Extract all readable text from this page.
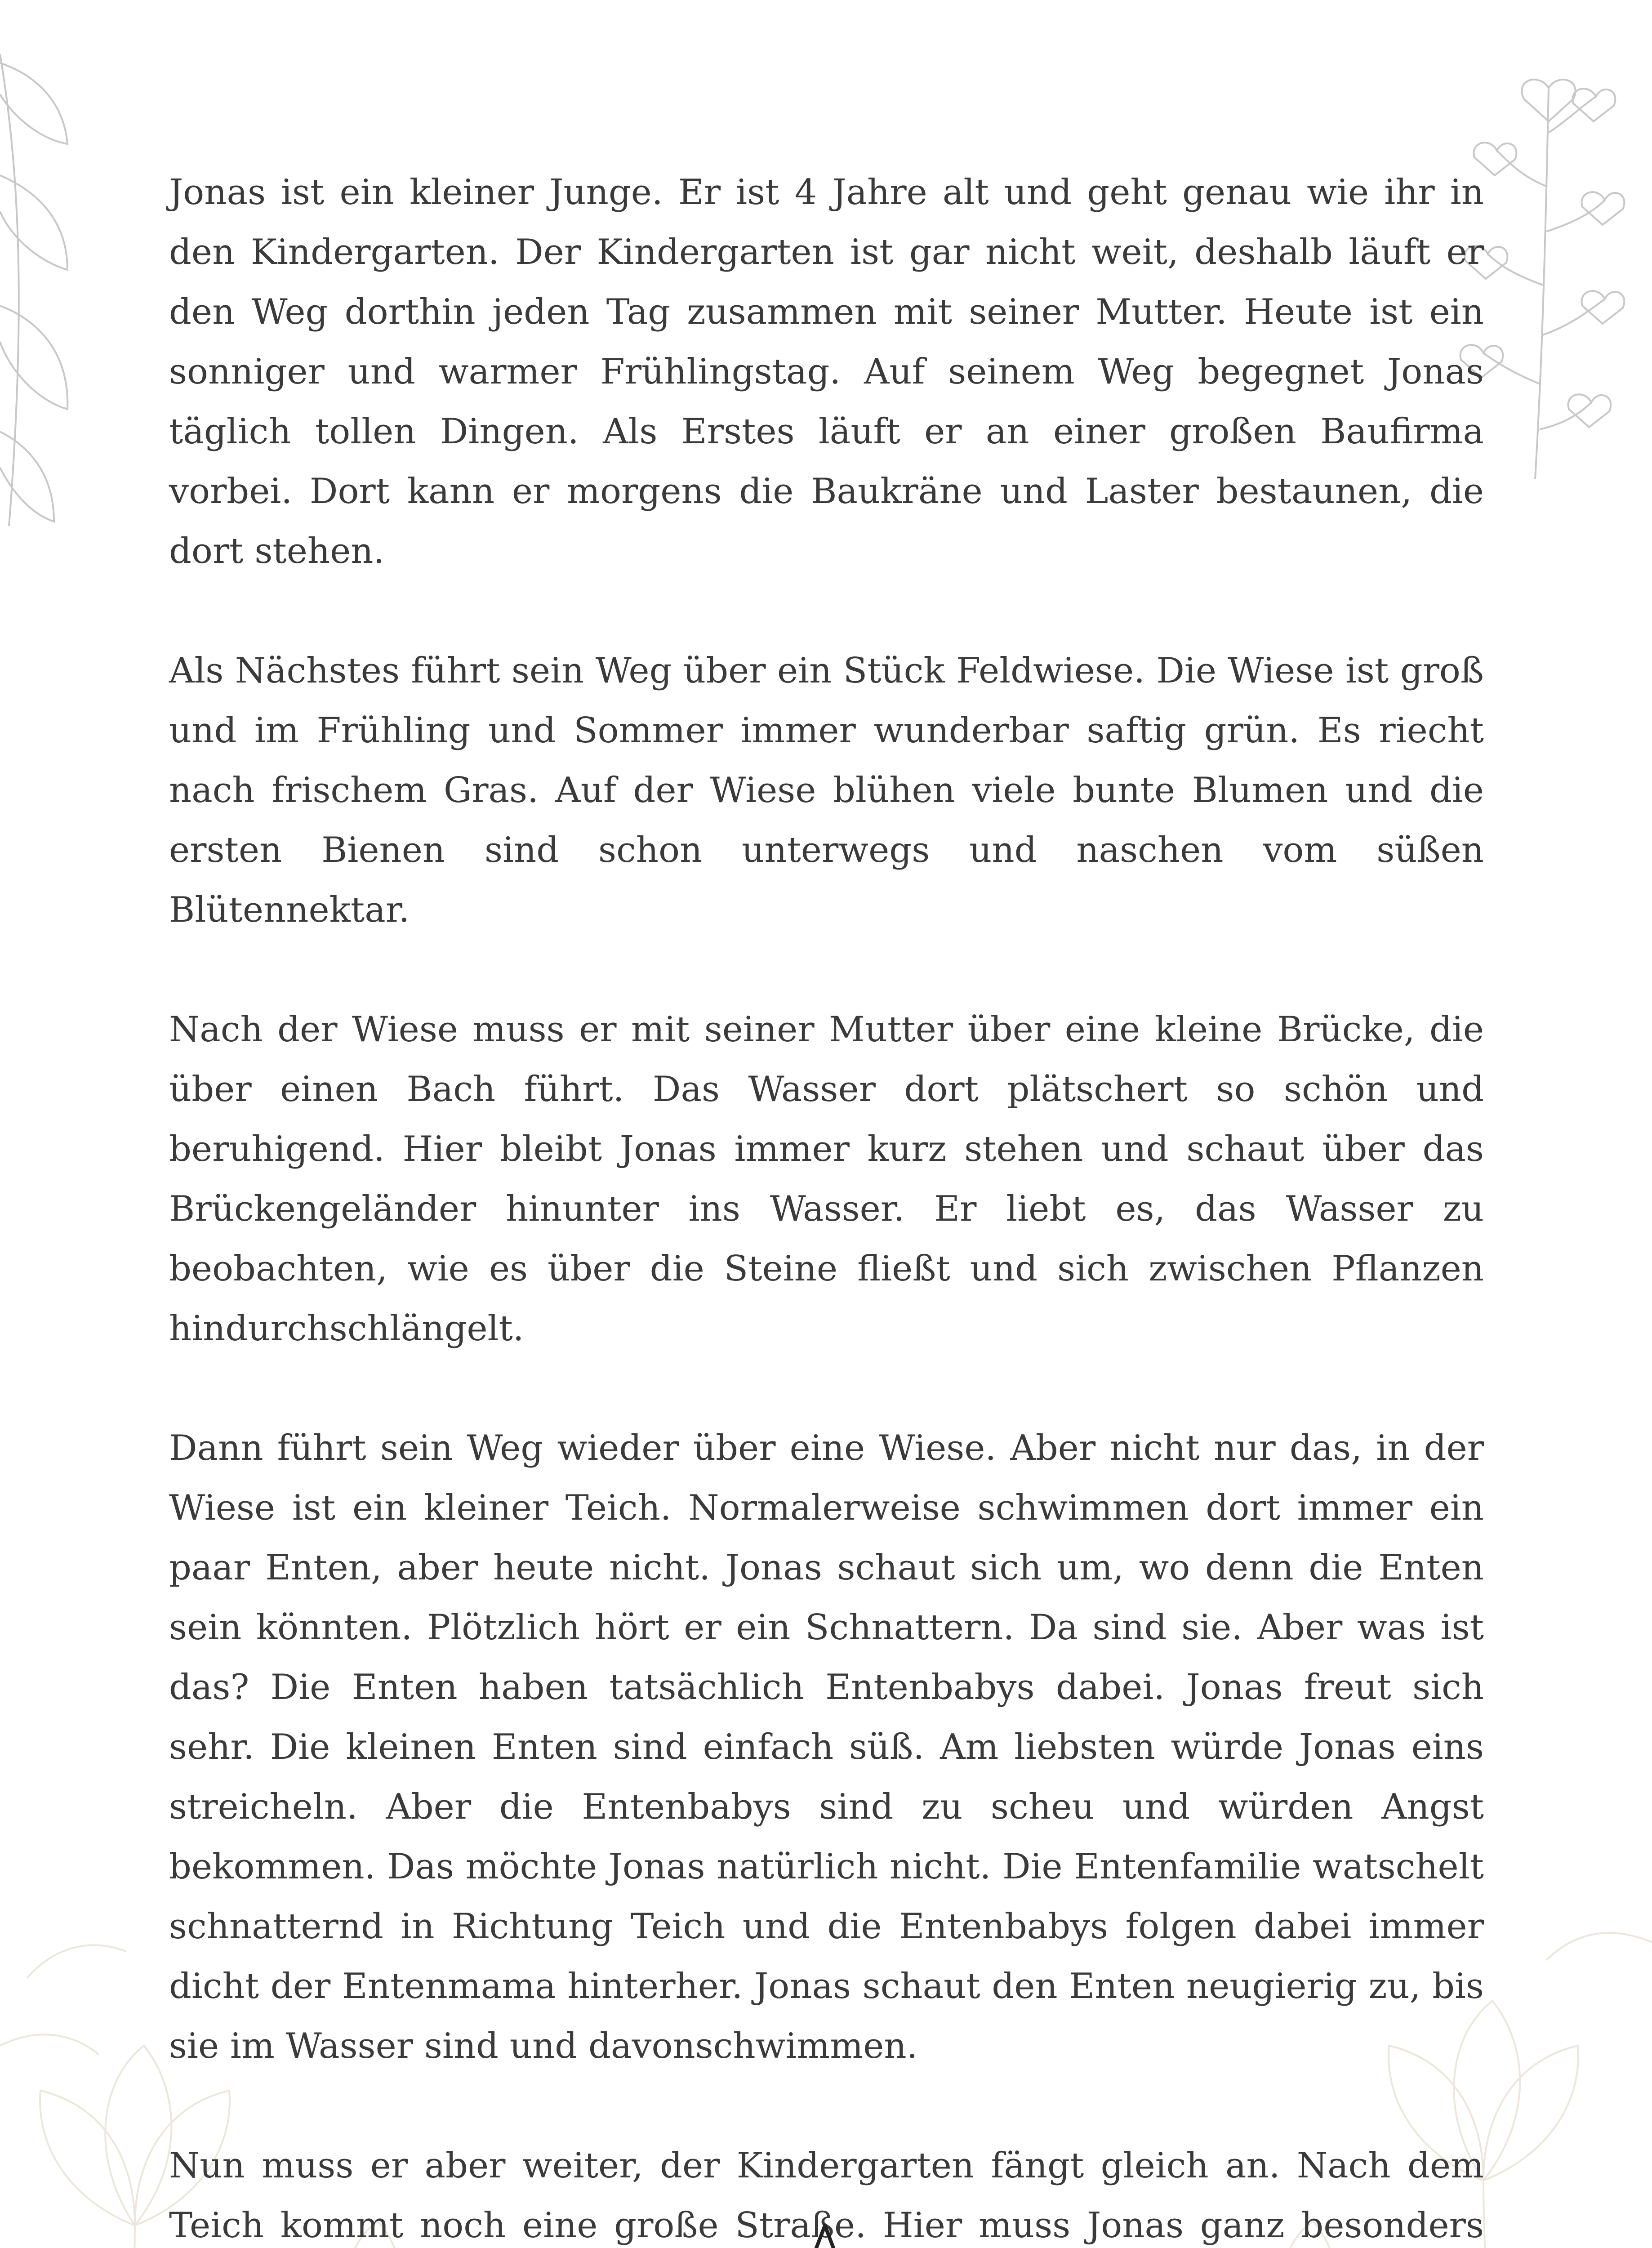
Jonas ist ein kleiner Junge. Er ist 4 Jahre alt und geht genau wie ihr in den Kindergarten. Der Kindergarten ist gar nicht weit, deshalb läuft er den Weg dorthin jeden Tag zusammen mit seiner Mutter. Heute ist ein sonniger und warmer Frühlingstag. Auf seinem Weg begegnet Jonas täglich tollen Dingen. Als Erstes läuft er an einer großen Baufirma vorbei. Dort kann er morgens die Baukräne und Laster bestaunen, die dort stehen.

Als Nächstes führt sein Weg über ein Stück Feldwiese. Die Wiese ist groß und im Frühling und Sommer immer wunderbar saftig grün. Es riecht nach frischem Gras. Auf der Wiese blühen viele bunte Blumen und die ersten Bienen sind schon unterwegs und naschen vom süßen Blütennektar.

Nach der Wiese muss er mit seiner Mutter über eine kleine Brücke, die über einen Bach führt. Das Wasser dort plätschert so schön und beruhigend. Hier bleibt Jonas immer kurz stehen und schaut über das Brückengeländer hinunter ins Wasser. Er liebt es, das Wasser zu beobachten, wie es über die Steine fließt und sich zwischen Pflanzen hindurchschlängelt.

Dann führt sein Weg wieder über eine Wiese. Aber nicht nur das, in der Wiese ist ein kleiner Teich. Normalerweise schwimmen dort immer ein paar Enten, aber heute nicht. Jonas schaut sich um, wo denn die Enten sein könnten. Plötzlich hört er ein Schnattern. Da sind sie. Aber was ist das? Die Enten haben tatsächlich Entenbabys dabei. Jonas freut sich sehr. Die kleinen Enten sind einfach süß. Am liebsten würde Jonas eins streicheln. Aber die Entenbabys sind zu scheu und würden Angst bekommen. Das möchte Jonas natürlich nicht. Die Entenfamilie watschelt schnatternd in Richtung Teich und die Entenbabys folgen dabei immer dicht der Entenmama hinterher. Jonas schaut den Enten neugierig zu, bis sie im Wasser sind und davonschwimmen.

Nun muss er aber weiter, der Kindergarten fängt gleich an. Nach dem Teich kommt noch eine große Straße. Hier muss Jonas ganz besonders
